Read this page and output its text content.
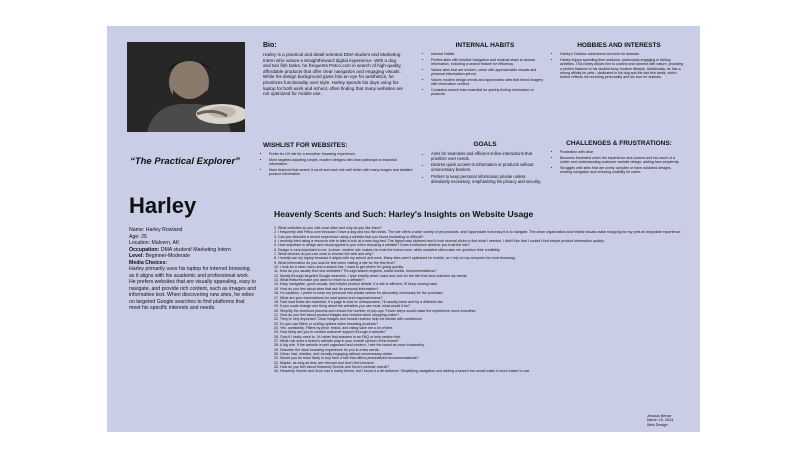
Bio:
Harley is a practical and detail-oriented DMA student and Marketing Intern who values a straightforward digital experience. With a dog and two fish tanks, he frequents Petco.com in search of high-quality, affordable products that offer clear navigation and engaging visuals. While his design background gives him an eye for aesthetics, he prioritizes functionality over style. Harley spends his days using his laptop for both work and school, often finding that many websites are not optimized for mobile use.
INTERNAL HABITS
• Internal Habits:
• Prefers sites with intuitive navigation and minimal steps to access information, including a search feature for efficiency.
• Values sites that are modern, clean with approachable visuals and personal information upfront.
• Values modern design trends and appreciates sites that blend imagery with informative content.
• Considers search bars essential for quickly finding information or products.
HOBBIES AND INTERESTS
• Harley's Outdoor adventures and love for animals.
• Harley enjoys spending time outdoors, particularly engaging in fishing activities. This hobby allows him to unwind and connect with nature, providing a perfect balance to his student-busy modern lifestyle. Additionally, he has a strong affinity for pets - dedicated to his dog and the two fish tanks, which further reflects his nurturing personality and his love for animals.
“The Practical Explorer”
WISHLIST FOR WEBSITES:
• Prefer for UX site for a smoother browsing experience.
• More targeted adopting simple, modern designs with clear pathways to essential information.
• More featured that search it scroll and each site well better with many images and detailed product information.
GOALS
• Aims for seamless and efficient online interactions that prioritize user needs.
• Desires quick access to information or products without unnecessary barriers.
• Prefers to keep personal information private unless absolutely necessary, emphasizing his privacy and security.
CHALLENGES & FRUSTRATIONS:
• Frustration with clear
• Becomes frustrated when the experience and content and too much of a clutter and understanding customer website design, adding fast complexity.
• Struggles with sites that are overly complex or have outdated designs, slowing navigation and reducing usability for users.
Harley
Name: Harley Rowland
Age: 25
Location: Malvern, AK
Occupation: DMA student/ Marketing Intern
Level: Beginner-Moderate
Media Choices:
Harley primarily uses his laptop for internet browsing, as it aligns with his academic and professional work. He prefers websites that are visually appealing, easy to navigate, and provide rich content, such as images and informative text. When discovering new sites, he relies on targeted Google searches to find platforms that meet his specific interests and needs.
Heavenly Scents and Such: Harley's Insights on Website Usage
1. What websites do you visit most often and why do you like them?
2. I frequently visit Petco.com because I have a dog and two fish tanks. The site offers a wide variety of pet products, and I appreciate how easy it is to navigate. The clean organization and helpful visuals make shopping for my pets an enjoyable experience.
3. Can you describe a recent experience using a website that you found frustrating or difficult?
4. I recently tried using a resource site to take a look at a new dog bed. The layout was cluttered and it took several clicks to find what I needed. I didn't like that I couldn't find simple product information quickly.
5. How important is design and visual appeal to you when choosing a website? Does it influence whether you trust the site?
6. Design is very important to me. A clean, modern site makes me trust the brand more, while outdated sites make me question their credibility.
7. What devices do you use most to browse the web and why?
8. I mostly use my laptop because it aligns with my school and work. Many sites aren't optimized for mobile, so I rely on my computer for most browsing.
9. What information do you look for first when visiting a site for the first time?
10. I look for a clear menu and a search bar. I want to get where I'm going quickly.
11. How do you usually find new websites? Through search engines, social media, recommendations?
12. Mostly through targeted Google searches. I type exactly what I want and look for the site that best matches my needs.
13. What features make you want to return to a website?
14. Easy navigation, good visuals, and helpful product details. If a site is efficient, I'll keep coming back.
15. How do you feel about sites that ask for personal information?
16. I'm cautious. I prefer to keep my personal info private unless it's absolutely necessary for the purchase.
17. What are your expectations for load speed and responsiveness?
18. Fast load times are essential. If a page is slow or unresponsive, I'll usually leave and try a different site.
19. If you could change one thing about the websites you use most, what would it be?
20. Simplify the checkout process and reduce the number of pop-ups. Fewer steps would make the experience much smoother.
21. How do you feel about product images and reviews when shopping online?
22. They're very important. Clear images and honest reviews help me decide with confidence.
23. Do you use filters or sorting options when browsing products?
24. Yes, constantly. Filters by price, brand, and rating save me a lot of time.
25. How likely are you to contact customer support through a website?
26. Only if I really need to. I'd rather find answers in an FAQ or help section first.
27. What role does a brand's website play in your overall opinion of the brand?
28. A big role. If the website is well organized and modern, I see the brand as more trustworthy.
29. Describe the ideal browsing experience for you in a few words.
30. Clean, fast, intuitive, and visually engaging without unnecessary clutter.
31. Would you be more likely to buy from a site that offers personalized recommendations?
32. Maybe, as long as they are relevant and don't feel intrusive.
33. How do you feel about Heavenly Scents and Such's website overall?
34. Heavenly Scents and Such has a lovely theme, but I found it a bit cluttered. Simplifying navigation and adding a search bar would make it much easier to use.
Jessica Bense
March 15, 2024
Web Design
